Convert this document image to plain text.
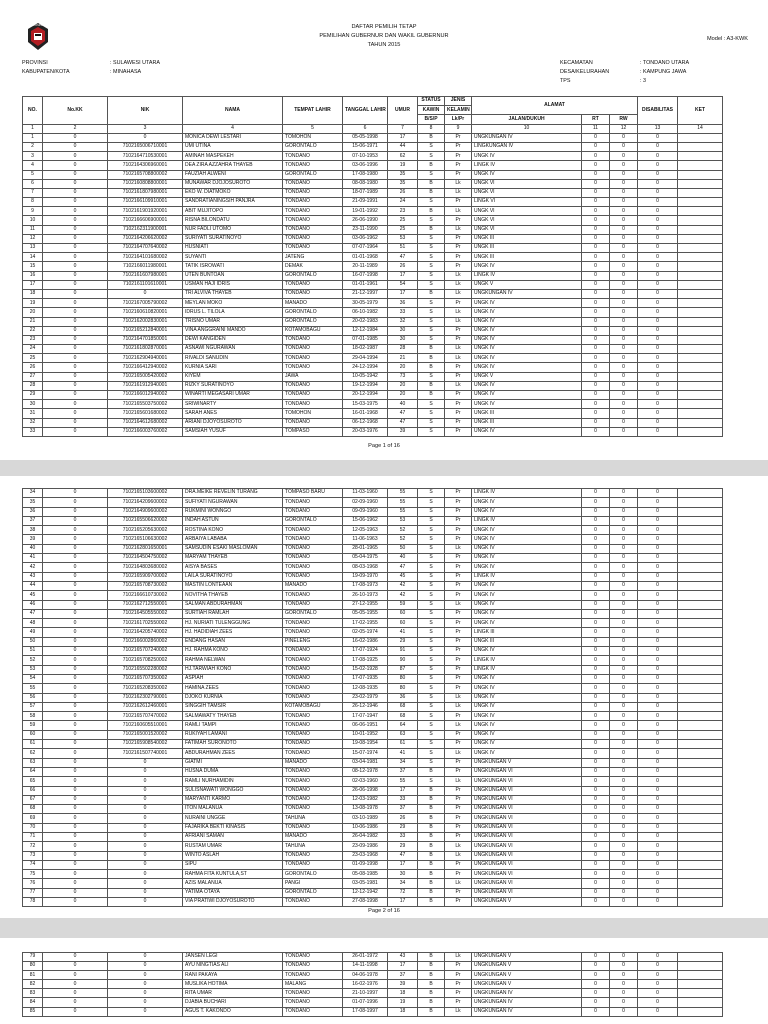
KOMISI	DAFTAR PEMILIH TETAP
PEMILIHAN GUBERNUR DAN WAKIL GUBERNUR
TAHUN 2015
Model : A3-KWK
PROVINSI	: SULAWESI UTARA
KABUPATEN/KOTA	: MINAHASA
KECAMATAN	: TONDANO UTARA
DESA/KELURAHAN	: KAMPUNG JAWA
TPS	: 3
NO.	No.KK	NIK	NAMA	TEMPAT LAHIR	TANGGAL LAHIR	UMUR	STATUS	JENIS	ALAMAT			DISABILITAS	KET
							KAWIN	KELAMIN					
							B/S/P	Lk/Pr	JALAN/DUKUH	RT	RW		
1	2	3	4	5	6	7	8	9	10	11	12	13	14
1	0	0	MONICA DEWI LESTARI	TOMOHON	05-05-1998	17	B	Pr	UNGKUNGAN IV	0	0	0	
2	0	7102165006710001	UMI UTINA	GORONTALO	15-06-1971	44	S	Pr	LINGKUNGAN IV	0	0	0	
3	0	7102164710530001	AMINAH MASPEKEH	TONDANO	07-10-1953	62	S	Pr	UNGK IV	0	0	0	
4	0	7102164306960001	DEA ZIRA AZZAHRA THAYEB	TONDANO	03-06-1996	19	B	Pr	LINGK IV	0	0	0	
5	0	7102165708800002	FAUZIAH ALWENI	GORONTALO	17-08-1980	35	S	Pr	UNGK IV	0	0	0	
6	0	7102160808800001	MUNAWAR DJOJOSUROTO	TONDANO	08-08-1980	35	B	Lk	UNGK VI	0	0	0	
7	0	7102161807980001	EKO W. DIATMOKO	TONDANO	18-07-1989	26	B	Lk	UNGK VI	0	0	0	
8	0	7102166109910001	SANDRATIANINGSIH PANJRA	TONDANO	21-09-1991	24	S	Pr	LINGK VI	0	0	0	
9	0	7102161901920001	ABIT MUJITOPO	TONDANO	19-01-1992	23	B	Lk	UNGK VI	0	0	0	
10	0	7102166606900001	RISNA BILONDATU	TONDANO	26-06-1990	25	S	Pr	UNGK VI	0	0	0	
11	0	7102162311900001	NUR FADLI UTOMO	TONDANO	23-11-1990	25	B	Lk	UNGK VI	0	0	0	
12	0	7102164206620002	SURIYATI SURATINOYO	TONDANO	03-06-1962	53	S	Pr	UNGK III	0	0	0	
13	0	7102164707640002	HUSNIATI	TONDANO	07-07-1964	51	S	Pr	UNGK III	0	0	0	
14	0	7102164101680002	SUYANTI	JATENG	01-01-1968	47	S	Pr	UNGK III	0	0	0	
15	0	7102166011980001	TATIK ISROWATI	DEMAK	20-11-1989	26	S	Pr	UNGK IV	0	0	0	
16	0	7102161607980001	UTEN BUNTOAN	GORONTALO	16-07-1998	17	S	Lk	LINGK IV	0	0	0	
17	0	7102161101610001	USMAN HAJI IDRIS	TONDANO	01-01-1961	54	S	Lk	UNGK V	0	0	0	
18	0	0	TRI ALVIVA THAYEB	TONDANO	21-12-1997	17	B	Lk	UNGKUNGAN IV	0	0	0	
19	0	7102167005790002	MEYLAN MOKO	MANADO	30-05-1979	36	S	Pr	UNGK IV	0	0	0	
20	0	7102160610820001	IDRUS L. TILOLA	GORONTALO	06-10-1982	33	S	Lk	UNGK IV	0	0	0	
21	0	7102162002830001	TRISNO UMAR	GORONTALO	20-02-1983	32	S	Lk	UNGK IV	0	0	0	
22	0	7102165212840001	VINA ANGGRAINI MANDO	KOTAMOBAGU	12-12-1984	30	S	Pr	UNGK IV	0	0	0	
23	0	7102164701850001	DEWI KANGIDEN	TONDANO	07-01-1985	30	S	Pr	UNGK IV	0	0	0	
24	0	7102161802870001	ASNAWI NGURAWAN	TONDANO	18-02-1987	28	B	Lk	UNGK IV	0	0	0	
25	0	7102162904940001	RIVALDI SANUDIN	TONDANO	29-04-1994	21	B	Lk	UNGK IV	0	0	0	
26	0	7102166412940002	KURNIA SARI	TONDANO	24-12-1994	20	B	Pr	UNGK IV	0	0	0	
27	0	7102165005420002	KIYEM	JAWA	10-05-1942	73	S	Pr	UNGK V	0	0	0	
28	0	7102161912940001	RIZKY SURATINOYO	TONDANO	19-12-1994	20	B	Lk	UNGK IV	0	0	0	
29	0	7102166012940002	WINARTI MEGASARI UMAR	TONDANO	20-12-1994	20	B	Pr	UNGK IV	0	0	0	
30	0	7102165503750002	SRIWINARTY	TONDANO	15-03-1975	40	S	Pr	UNGK IV	0	0	0	
31	0	7102165601680002	SARAH ANES	TOMOHON	16-01-1968	47	S	Pr	UNGK III	0	0	0	
32	0	7102164612680002	ARIANI DJOYOSUROTO	TONDANO	06-12-1968	47	S	Pr	UNGK III	0	0	0	
33	0	7102166003760002	SAMSIAH YUSUF	TOMPASO	20-03-1976	39	S	Pr	UNGK IV	0	0	0	
Page 1 of 16
34	0	7102165103600002	DRA.MEIKE REVELIN TURANG	TOMPASO BARU	11-03-1960	55	S	Pr	LINGK IV	0	0	0	
35	0	7102164209600002	SUFIYATI NGURAWAN	TONDANO	02-09-1960	55	S	Pr	UNGK IV	0	0	0	
36	0	7102164909600002	RUKMINI WONNGO	TONDANO	09-09-1960	55	S	Pr	UNGK IV	0	0	0	
37	0	7102165506620002	INDAH ASTUN	GORONTALO	15-06-1962	53	S	Pr	LINGK IV	0	0	0	
38	0	7102165205630002	ROSTINA KONO	TONDANO	12-05-1963	52	S	Pr	UNGK IV	0	0	0	
39	0	7102165106630002	ARBAIYA LABABA	TONDANO	11-06-1963	52	S	Pr	UNGK IV	0	0	0	
40	0	7102162801650001	SAMSUDIN ESAKI MASLOMAN	TONDANO	28-01-1965	50	S	Lk	UNGK IV	0	0	0	
41	0	7102164504750002	MARYAM THAYEB	TONDANO	05-04-1975	40	S	Pr	UNGK IV	0	0	0	
42	0	7102164803680002	AISYA BASES	TONDANO	08-03-1968	47	S	Pr	UNGK IV	0	0	0	
43	0	7102165909700002	LAILA SURATINOYO	TONDANO	19-09-1970	45	S	Pr	LINGK IV	0	0	0	
44	0	7102165708730002	MASTIN LONTEAAN	MANADO	17-08-1973	42	S	Pr	UNGK IV	0	0	0	
45	0	7102166610730002	NOVITHA THAYEB	TONDANO	26-10-1973	42	S	Pr	UNGK IV	0	0	0	
46	0	7102162712550001	SALMAN ABDURAHMAN	TONDANO	27-12-1955	59	S	Lk	UNGK IV	0	0	0	
47	0	7102164505550002	SURTIAH RAMLAH	GORONTALO	05-05-1955	60	S	Pr	UNGK IV	0	0	0	
48	0	7102161702550002	HJ. NURIATI TULENGGUNG	TONDANO	17-02-1955	60	S	Pr	UNGK IV	0	0	0	
49	0	7102164205740002	HJ. HADIDIAH ZEES	TONDANO	02-05-1974	41	S	Pr	LINGK III	0	0	0	
50	0	7102166002860002	ENDANG HASAN	PINELENG	16-02-1986	29	S	Pr	UNGK III	0	0	0	
51	0	7102165707240002	HJ. RAHMA KONO	TONDANO	17-07-1924	91	S	Pr	UNGK IV	0	0	0	
52	0	7102165708250002	RAHMA NELWAN	TONDANO	17-08-1925	90	S	Pr	LINGK IV	0	0	0	
53	0	7102165502280002	HJ.TARWIAH KONO	TONDANO	15-02-1928	87	S	Pr	LINGK IV	0	0	0	
54	0	7102165707350002	ASPIAH	TONDANO	17-07-1935	80	S	Pr	UNGK IV	0	0	0	
55	0	7102165208350002	HAMINA ZEES	TONDANO	12-08-1935	80	S	Pr	UNGK IV	0	0	0	
56	0	7102162302790001	DJOKO KURNIA	TONDANO	23-02-1979	36	S	Lk	UNGK IV	0	0	0	
57	0	7102162612460001	SINGGIH TAMSIR	KOTAMOBAGU	26-12-1946	68	S	Lk	UNGK IV	0	0	0	
58	0	7102165707470002	SALMAWATY THAYEB	TONDANO	17-07-1947	68	S	Pr	UNGK IV	0	0	0	
59	0	7102160605510001	RAMLI TAMPI	TONDANO	06-06-1951	64	S	Lk	UNGK IV	0	0	0	
60	0	7102165001520002	RUKIYAH LAMANI	TONDANO	10-01-1952	63	S	Pr	UNGK IV	0	0	0	
61	0	7102165908540002	FATIMAH SURONOTO	TONDANO	19-08-1954	61	S	Pr	UNGK IV	0	0	0	
62	0	7102161507740001	ABDURAHMAN ZEES	TONDANO	15-07-1974	41	S	Lk	UNGK IV	0	0	0	
63	0	0	GIATMI	MANADO	03-04-1981	34	S	Pr	UNGKUNGAN V	0	0	0	
64	0	0	HUSNA DUMA	TONDANO	08-12-1978	37	B	Pr	UNGKUNGAN VI	0	0	0	
65	0	0	RAMLI NURHAMIDIN	TONDANO	02-03-1960	55	S	Lk	UNGKUNGAN VI	0	0	0	
66	0	0	SULISNAWATI WONGGO	TONDANO	26-06-1998	17	B	Pr	UNGKUNGAN VI	0	0	0	
67	0	0	MARYANTI KARMO	TONDANO	12-03-1982	33	B	Pr	UNGKUNGAN VI	0	0	0	
68	0	0	ITON MALANUA	TONDANO	13-08-1978	37	B	Pr	UNGKUNGAN VI	0	0	0	
69	0	0	NURAINI UNGGE	TAHUNA	03-10-1989	26	B	Pr	UNGKUNGAN VI	0	0	0	
70	0	0	FAJARIKA BEKTI KINASIS	TONDANO	10-06-1986	29	B	Pr	UNGKUNGAN VI	0	0	0	
71	0	0	AFRIANI SAMAN	MANADO	26-04-1982	33	B	Pr	UNGKUNGAN VI	0	0	0	
72	0	0	RUSTAM UMAR	TAHUNA	23-09-1986	29	B	Lk	UNGKUNGAN VI	0	0	0	
73	0	0	WINTO ASLAH	TONDANO	23-03-1968	47	B	Lk	UNGKUNGAN VI	0	0	0	
74	0	0	SIPU	TONDANO	01-09-1998	17	B	Pr	UNGKUNGAN VI	0	0	0	
75	0	0	RAHMA FITA KUNTULA,ST	GORONTALO	05-08-1985	30	B	Pr	UNGKUNGAN VI	0	0	0	
76	0	0	AZIS MALANUA	PANGI	03-05-1981	34	B	Lk	UNGKUNGAN VI	0	0	0	
77	0	0	YATIMA OTAYA	GORONTALO	12-12-1942	72	B	Pr	UNGKUNGAN VI	0	0	0	
78	0	0	VIA PRATIWI DJOYOSUROTO	TONDANO	27-08-1998	17	B	Pr	UNGKUNGAN V	0	0	0	
Page 2 of 16
79	0	0	JANSEN LEGI	TONDANO	26-01-1972	43	B	Lk	UNGKUNGAN V	0	0	0	
80	0	0	AYU NINGTIAS ALI	TONDANO	14-11-1998	17	B	Pr	UNGKUNGAN V	0	0	0	
81	0	0	RANI PAKAYA	TONDANO	04-06-1978	37	B	Pr	UNGKUNGAN V	0	0	0	
82	0	0	MUSLIKA HOTIMA	MALANG	16-02-1976	39	B	Pr	UNGKUNGAN V	0	0	0	
83	0	0	RITA UMAR	TONDANO	21-10-1997	18	B	Pr	UNGKUNGAN IV	0	0	0	
84	0	0	DJABIA BUCHARI	TONDANO	01-07-1996	19	B	Pr	UNGKUNGAN IV	0	0	0	
85	0	0	AGUS T. KAKONDO	TONDANO	17-08-1997	18	B	Lk	UNGKUNGAN IV	0	0	0	
